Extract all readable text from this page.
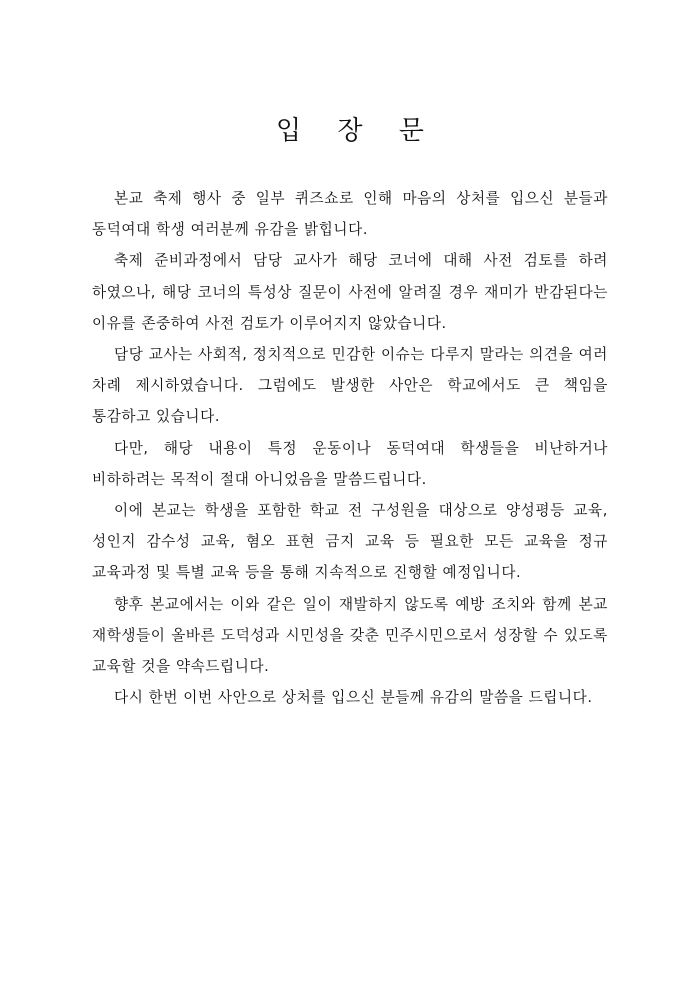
입 장 문

본교 축제 행사 중 일부 퀴즈쇼로 인해 마음의 상처를 입으신 분들과 동덕여대 학생 여러분께 유감을 밝힙니다.

축제 준비과정에서 담당 교사가 해당 코너에 대해 사전 검토를 하려 하였으나, 해당 코너의 특성상 질문이 사전에 알려질 경우 재미가 반감된다는 이유를 존중하여 사전 검토가 이루어지지 않았습니다.

담당 교사는 사회적, 정치적으로 민감한 이슈는 다루지 말라는 의견을 여러 차례 제시하였습니다. 그럼에도 발생한 사안은 학교에서도 큰 책임을 통감하고 있습니다.

다만, 해당 내용이 특정 운동이나 동덕여대 학생들을 비난하거나 비하하려는 목적이 절대 아니었음을 말씀드립니다.

이에 본교는 학생을 포함한 학교 전 구성원을 대상으로 양성평등 교육, 성인지 감수성 교육, 혐오 표현 금지 교육 등 필요한 모든 교육을 정규 교육과정 및 특별 교육 등을 통해 지속적으로 진행할 예정입니다.

향후 본교에서는 이와 같은 일이 재발하지 않도록 예방 조치와 함께 본교 재학생들이 올바른 도덕성과 시민성을 갖춘 민주시민으로서 성장할 수 있도록 교육할 것을 약속드립니다.

다시 한번 이번 사안으로 상처를 입으신 분들께 유감의 말씀을 드립니다.
